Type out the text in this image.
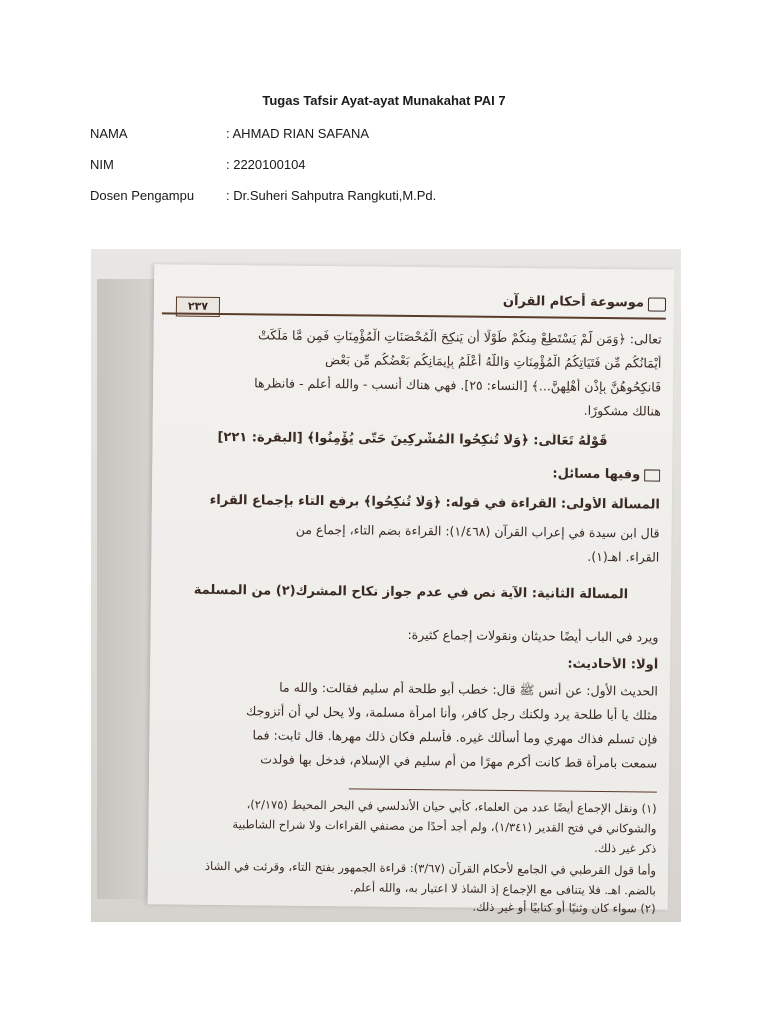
Tugas Tafsir Ayat-ayat Munakahat PAI 7
NAMA	: AHMAD RIAN SAFANA
NIM	: 2220100104
Dosen Pengampu : Dr.Suheri Sahputra Rangkuti,M.Pd.
٢٣٧	موسوعة أحكام القرآن
تعالى: ﴿وَمَن لَّمْ يَسْتَطِعْ مِنكُمْ طَوْلًا أَن يَنكِحَ الْمُحْصَنَاتِ الْمُؤْمِنَاتِ فَمِن مَّا مَلَكَتْ
أَيْمَانُكُم مِّن فَتَيَاتِكُمُ الْمُؤْمِنَاتِ وَاللَّهُ أَعْلَمُ بِإِيمَانِكُم بَعْضُكُم مِّن بَعْضٍ
فَانكِحُوهُنَّ بِإِذْنِ أَهْلِهِنَّ...﴾ [النساء: ٢٥]. فهي هناك أنسب - والله أعلم - فانظرها
هنالك مشكورًا.
قَوْلُهُ تَعَالَى: ﴿وَلَا تُنكِحُوا الْمُشْرِكِينَ حَتَّى يُؤْمِنُوا﴾ [البقرة: ٢٢١]
وفيها مسائل:
المسألة الأولى: القراءة في قوله: ﴿وَلَا تُنكِحُوا﴾ برفع التاء بإجماع القراء
قال ابن سيدة في إعراب القرآن (١/٤٦٨): القراءة بضم التاء، إجماع من
القراء. اهـ(١).
المسألة الثانية: الآية نص في عدم جواز نكاح المشرك(٢) من المسلمة
ويرد في الباب أيضًا حديثان ونقولات إجماع كثيرة:
أولًا: الأحاديث:
الحديث الأول: عن أنس ﷺ قال: خطب أبو طلحة أم سليم فقالت: والله ما
مثلك يا أبا طلحة يرد ولكنك رجل كافر، وأنا امرأة مسلمة، ولا يحل لي أن أتزوجك
فإن تسلم فذاك مهري وما أسألك غيره. فأسلم فكان ذلك مهرها. قال ثابت: فما
سمعت بامرأة قط كانت أكرم مهرًا من أم سليم في الإسلام، فدخل بها فولدت
(١) ونقل الإجماع أيضًا عدد من العلماء، كأبي حيان الأندلسي في البحر المحيط (٢/١٧٥)،
والشوكاني في فتح القدير (١/٣٤١)، ولم أجد أحدًا من مصنفي القراءات ولا شراح الشاطبية
ذكر غير ذلك.
وأما قول القرطبي في الجامع لأحكام القرآن (٣/٦٧): قراءة الجمهور بفتح التاء، وقرئت في الشاذ
بالضم. اهـ. فلا يتنافى مع الإجماع إذ الشاذ لا اعتبار به، والله أعلم.
(٢) سواء كان وثنيًا أو كتابيًا أو غير ذلك.
